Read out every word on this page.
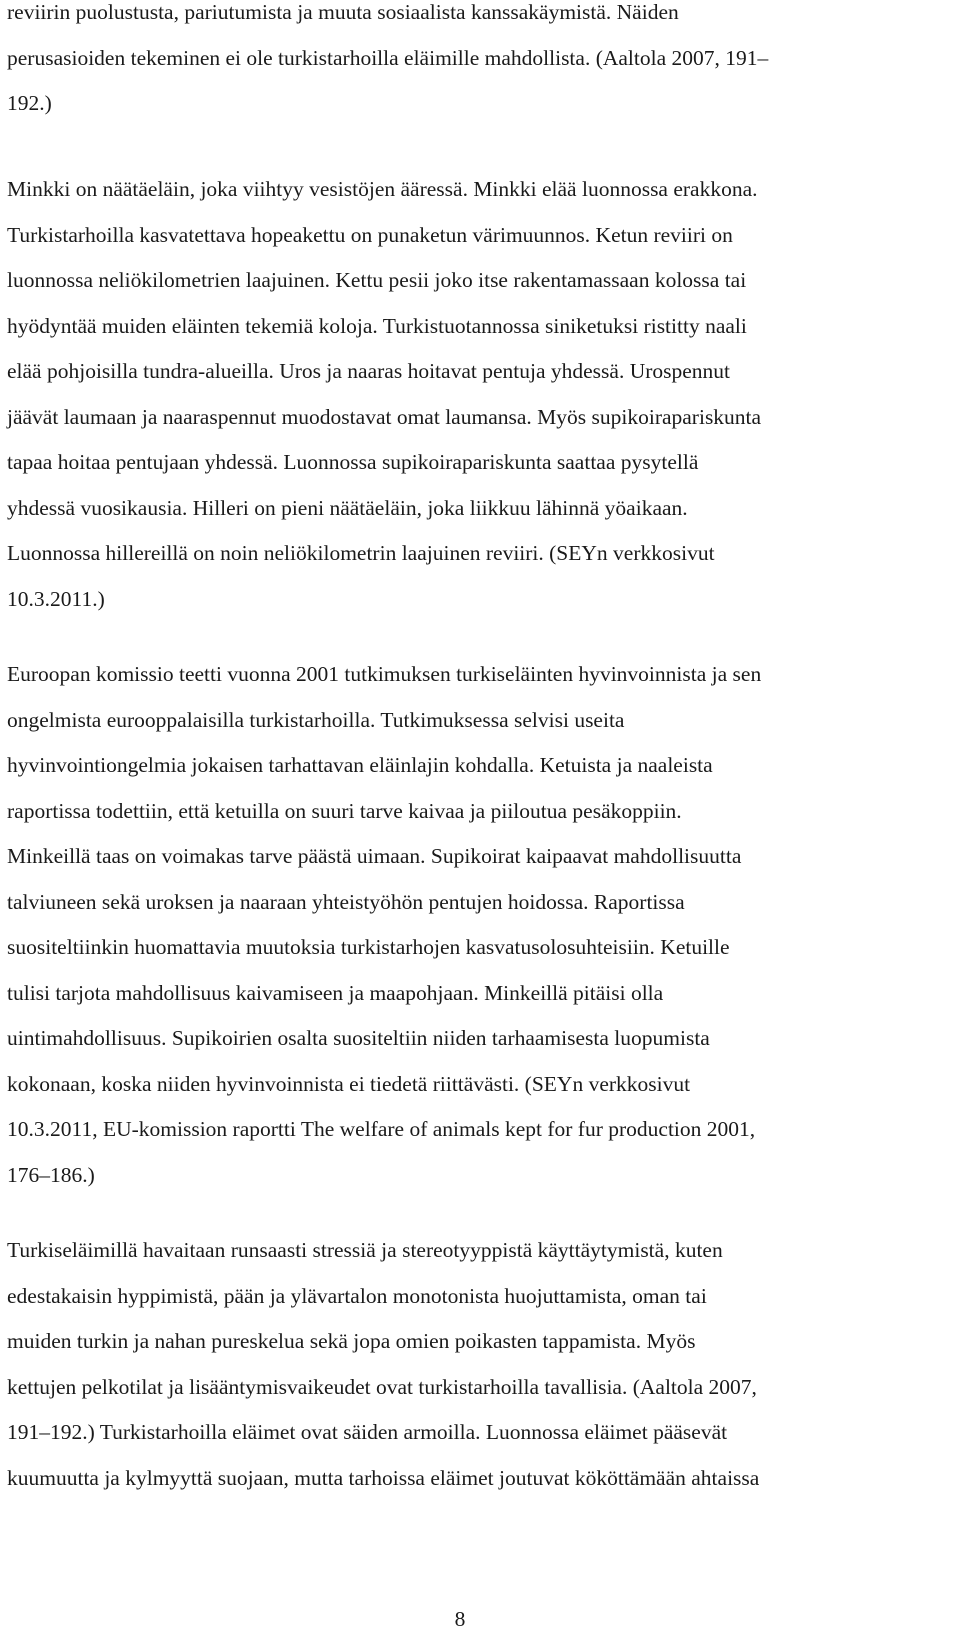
reviirin puolustusta, pariutumista ja muuta sosiaalista kanssakäymistä. Näiden
perusasioiden tekeminen ei ole turkistarhoilla eläimille mahdollista. (Aaltola 2007, 191–
192.)

Minkki on näätäeläin, joka viihtyy vesistöjen ääressä. Minkki elää luonnossa erakkona.
Turkistarhoilla kasvatettava hopeakettu on punaketun värimuunnos. Ketun reviiri on
luonnossa neliökilometrien laajuinen. Kettu pesii joko itse rakentamassaan kolossa tai
hyödyntää muiden eläinten tekemiä koloja. Turkistuotannossa siniketuksi ristitty naali
elää pohjoisilla tundra-alueilla. Uros ja naaras hoitavat pentuja yhdessä. Urospennut
jäävät laumaan ja naaraspennut muodostavat omat laumansa. Myös supikoirapariskunta
tapaa hoitaa pentujaan yhdessä. Luonnossa supikoirapariskunta saattaa pysytellä
yhdessä vuosikausia. Hilleri on pieni näätäeläin, joka liikkuu lähinnä yöaikaan.
Luonnossa hillereillä on noin neliökilometrin laajuinen reviiri. (SEYn verkkosivut
10.3.2011.)

Euroopan komissio teetti vuonna 2001 tutkimuksen turkiseläinten hyvinvoinnista ja sen
ongelmista eurooppalaisilla turkistarhoilla. Tutkimuksessa selvisi useita
hyvinvointiongelmia jokaisen tarhattavan eläinlajin kohdalla. Ketuista ja naaleista
raportissa todettiin, että ketuilla on suuri tarve kaivaa ja piiloutua pesäkoppiin.
Minkeillä taas on voimakas tarve päästä uimaan. Supikoirat kaipaavat mahdollisuutta
talviuneen sekä uroksen ja naaraan yhteistyöhön pentujen hoidossa. Raportissa
suositeltiinkin huomattavia muutoksia turkistarhojen kasvatusolosuhteisiin. Ketuille
tulisi tarjota mahdollisuus kaivamiseen ja maapohjaan. Minkeillä pitäisi olla
uintimahdollisuus. Supikoirien osalta suositeltiin niiden tarhaamisesta luopumista
kokonaan, koska niiden hyvinvoinnista ei tiedetä riittävästi. (SEYn verkkosivut
10.3.2011, EU-komission raportti The welfare of animals kept for fur production 2001,
176–186.)

Turkiseläimillä havaitaan runsaasti stressiä ja stereotyyppistä käyttäytymistä, kuten
edestakaisin hyppimistä, pään ja ylävartalon monotonista huojuttamista, oman tai
muiden turkin ja nahan pureskelua sekä jopa omien poikasten tappamista. Myös
kettujen pelkotilat ja lisääntymisvaikeudet ovat turkistarhoilla tavallisia. (Aaltola 2007,
191–192.) Turkistarhoilla eläimet ovat säiden armoilla. Luonnossa eläimet pääsevät
kuumuutta ja kylmyyttä suojaan, mutta tarhoissa eläimet joutuvat kököttämään ahtaissa

8
